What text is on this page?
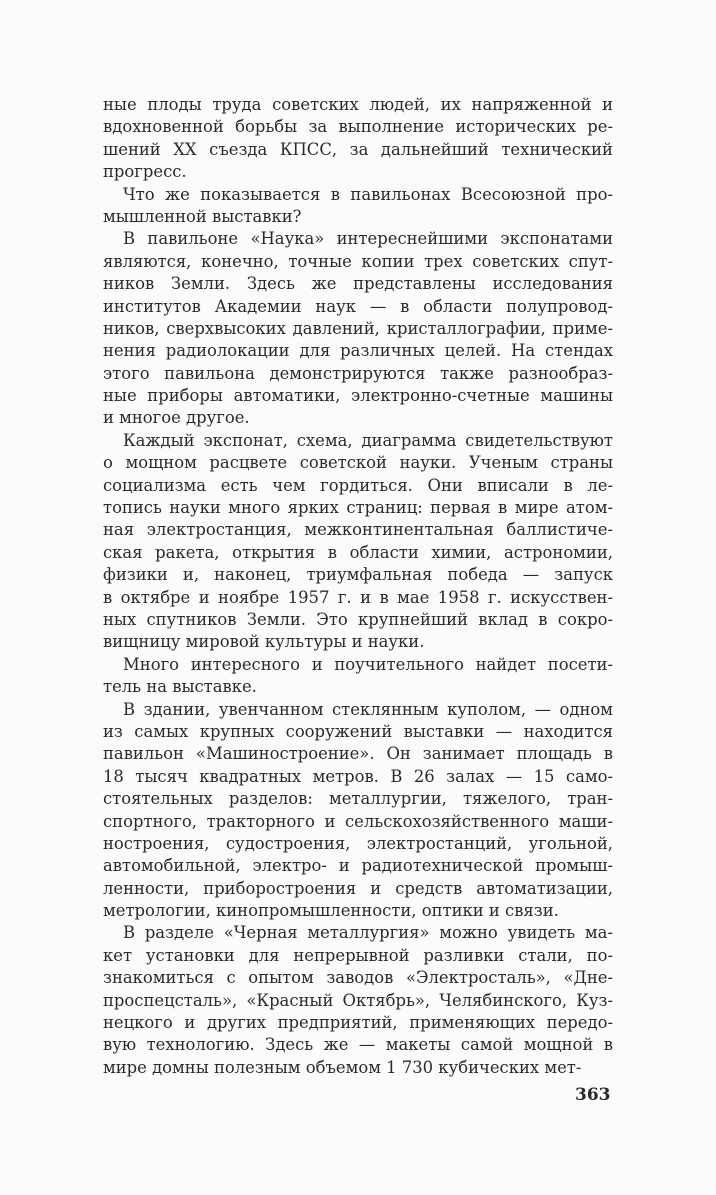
ные плоды труда советских людей, их напряженной и
вдохновенной борьбы за выполнение исторических ре-
шений XX съезда КПСС, за дальнейший технический
прогресс.
Что же показывается в павильонах Всесоюзной про-
мышленной выставки?
В павильоне «Наука» интереснейшими экспонатами
являются, конечно, точные копии трех советских спут-
ников Земли. Здесь же представлены исследования
институтов Академии наук — в области полупровод-
ников, сверхвысоких давлений, кристаллографии, приме-
нения радиолокации для различных целей. На стендах
этого павильона демонстрируются также разнообраз-
ные приборы автоматики, электронно-счетные машины
и многое другое.
Каждый экспонат, схема, диаграмма свидетельствуют
о мощном расцвете советской науки. Ученым страны
социализма есть чем гордиться. Они вписали в ле-
топись науки много ярких страниц: первая в мире атом-
ная электростанция, межконтинентальная баллистиче-
ская ракета, открытия в области химии, астрономии,
физики и, наконец, триумфальная победа — запуск
в октябре и ноябре 1957 г. и в мае 1958 г. искусствен-
ных спутников Земли. Это крупнейший вклад в сокро-
вищницу мировой культуры и науки.
Много интересного и поучительного найдет посети-
тель на выставке.
В здании, увенчанном стеклянным куполом, — одном
из самых крупных сооружений выставки — находится
павильон «Машиностроение». Он занимает площадь в
18 тысяч квадратных метров. В 26 залах — 15 само-
стоятельных разделов: металлургии, тяжелого, тран-
спортного, тракторного и сельскохозяйственного маши-
ностроения, судостроения, электростанций, угольной,
автомобильной, электро- и радиотехнической промыш-
ленности, приборостроения и средств автоматизации,
метрологии, кинопромышленности, оптики и связи.
В разделе «Черная металлургия» можно увидеть ма-
кет установки для непрерывной разливки стали, по-
знакомиться с опытом заводов «Электросталь», «Дне-
проспецсталь», «Красный Октябрь», Челябинского, Куз-
нецкого и других предприятий, применяющих передо-
вую технологию. Здесь же — макеты самой мощной в
мире домны полезным объемом 1 730 кубических мет-
363
